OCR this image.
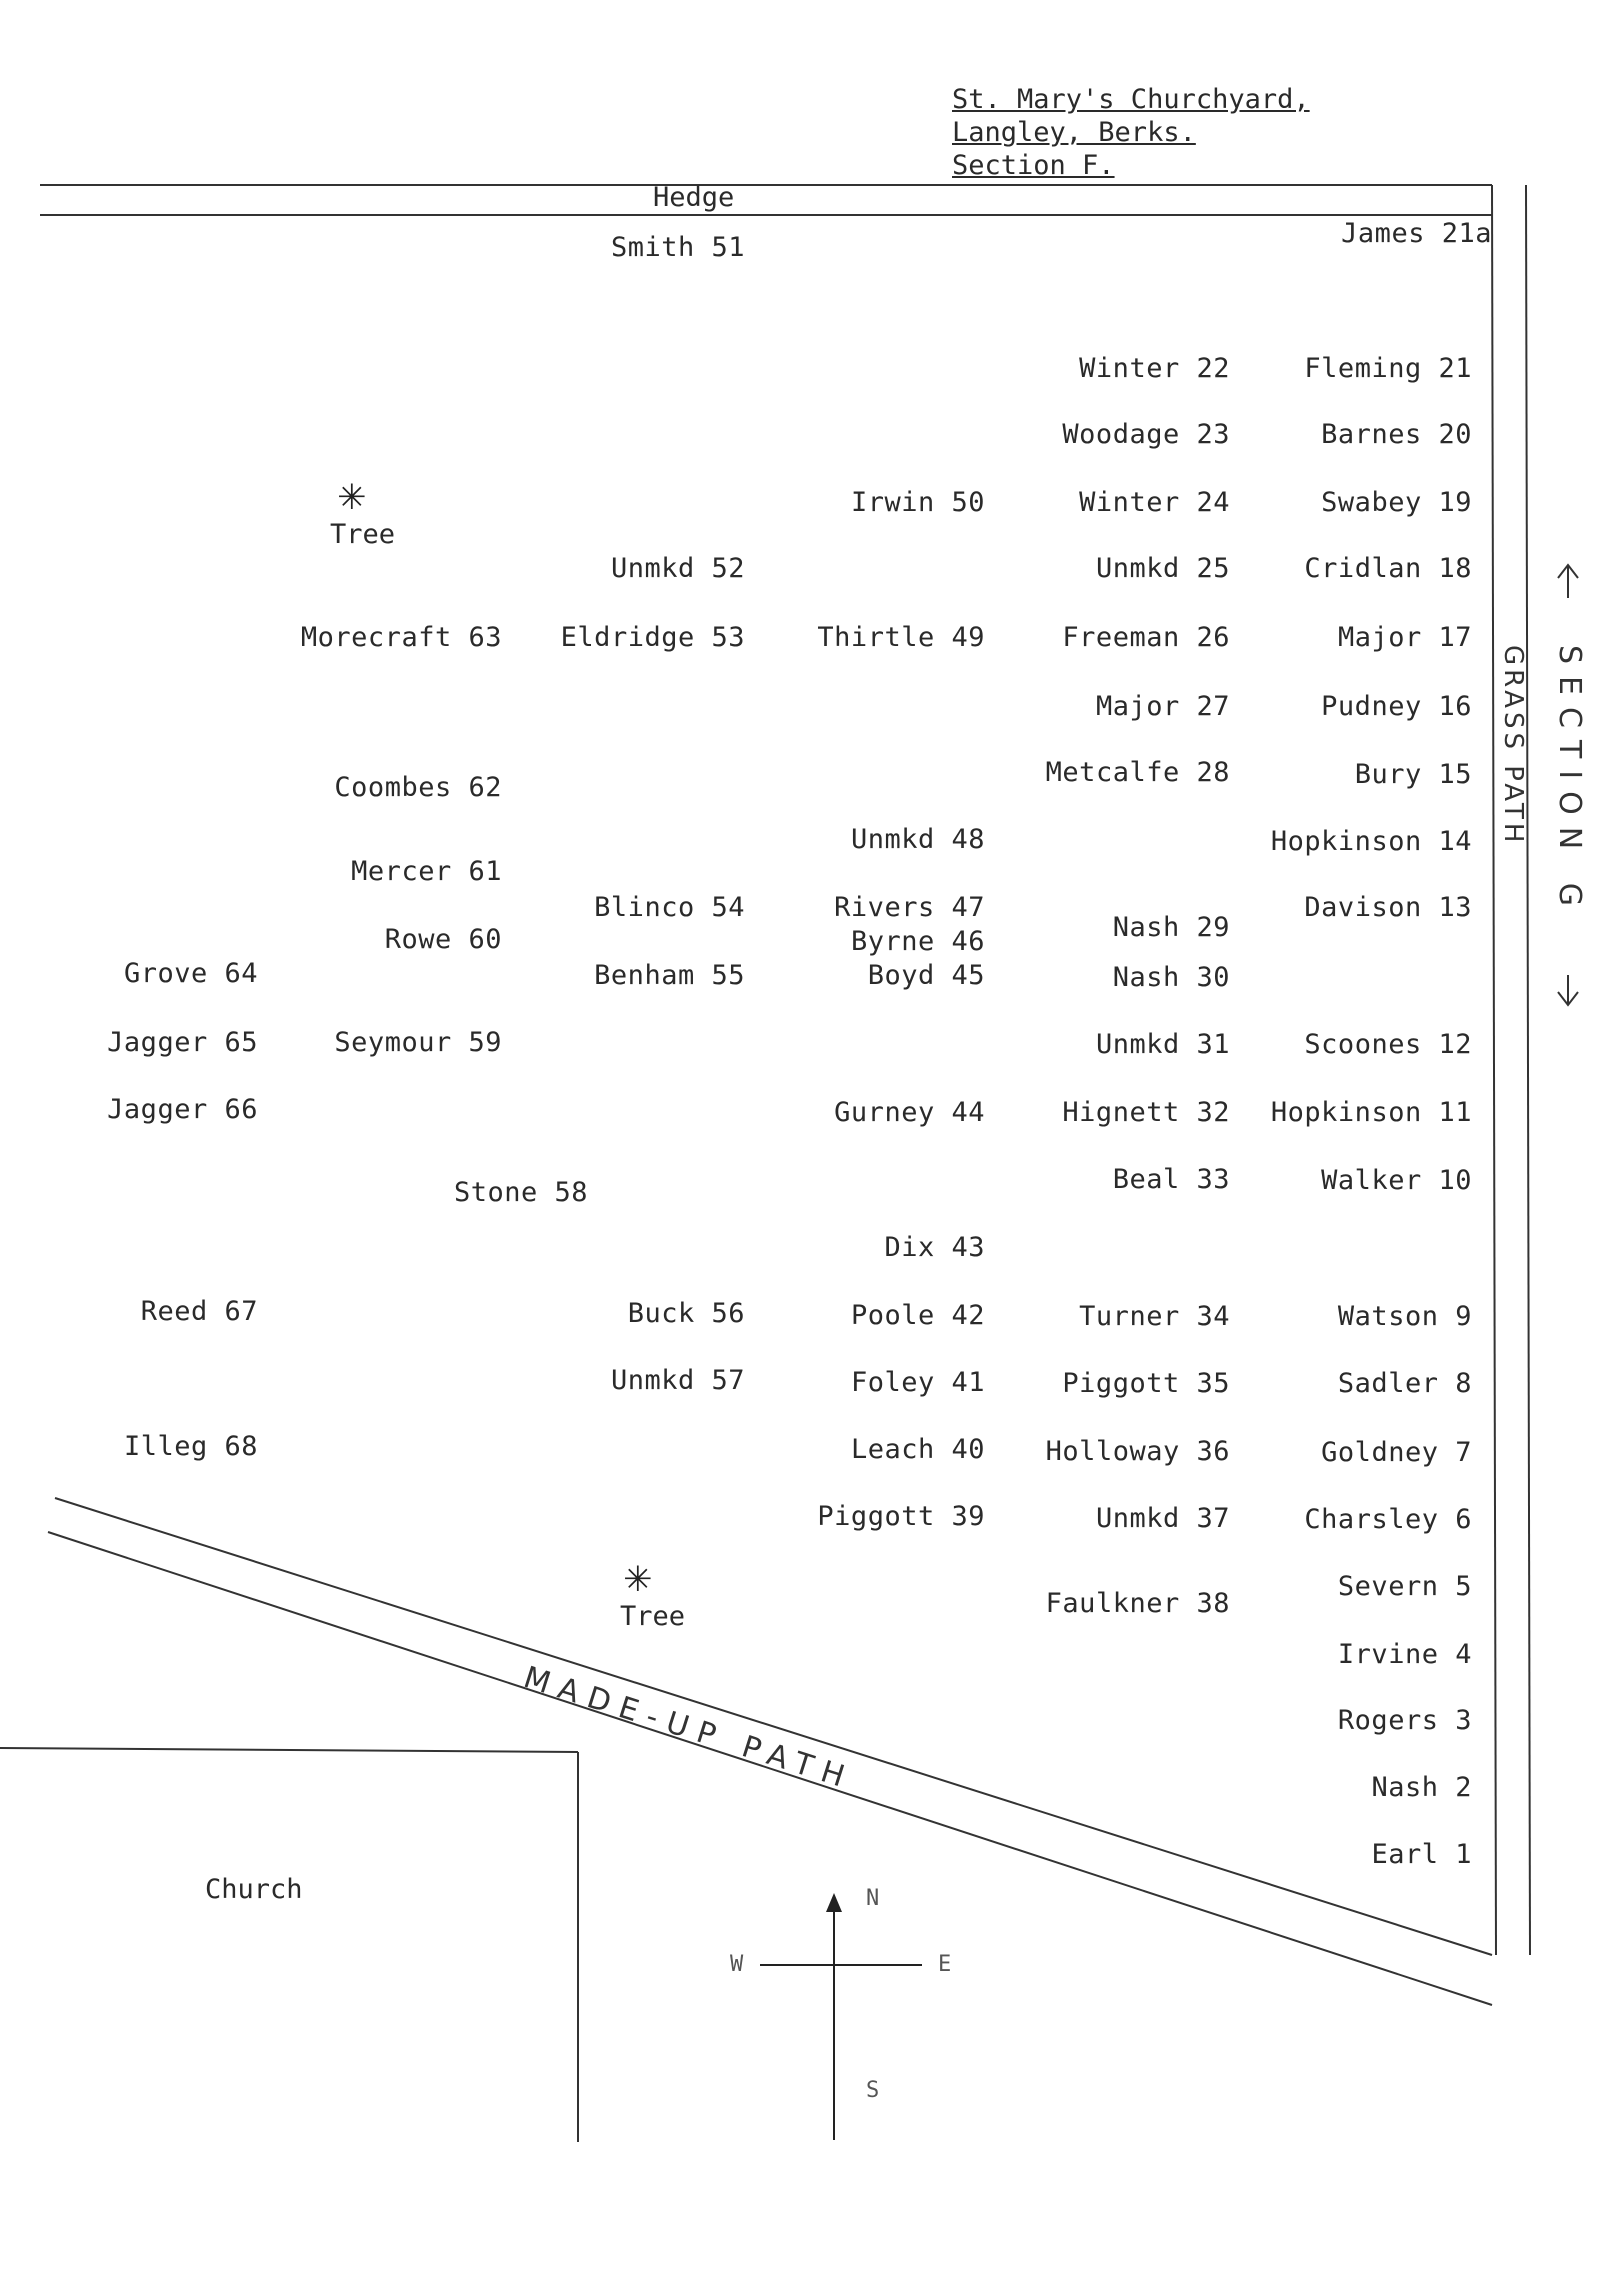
St. Mary's Churchyard,
Langley, Berks.
Section F.
Hedge
GRASS PATH SECTION G
MADE-UP PATH
Church
✳
Tree
✳
Tree
N
E
S
W
James 21a
Smith 51
Winter 22	Fleming 21
Woodage 23	Barnes 20
Irwin 50	Winter 24	Swabey 19
Unmkd 52	Unmkd 25	Cridlan 18
Morecraft 63 Eldridge 53	Thirtle 49	Freeman 26	Major 17
Major 27	Pudney 16
Metcalfe 28	Bury 15
Coombes 62
Unmkd 48	Hopkinson 14
Mercer 61
Blinco 54	Rivers 47	Davison 13
Nash 29
Rowe 60	Byrne 46
Grove 64	Benham 55	Boyd 45	Nash 30
Jagger 65	Seymour 59	Unmkd 31	Scoones 12
Jagger 66	Gurney 44	Hignett 32 Hopkinson 11
Beal 33	Walker 10
Stone 58
Dix 43
Reed 67	Buck 56	Poole 42	Turner 34	Watson 9
Unmkd 57	Foley 41	Piggott 35	Sadler 8
Illeg 68	Leach 40 Holloway 36	Goldney 7
Piggott 39	Unmkd 37	Charsley 6
Faulkner 38
Severn 5
Irvine 4
Rogers 3
Nash 2
Earl 1
